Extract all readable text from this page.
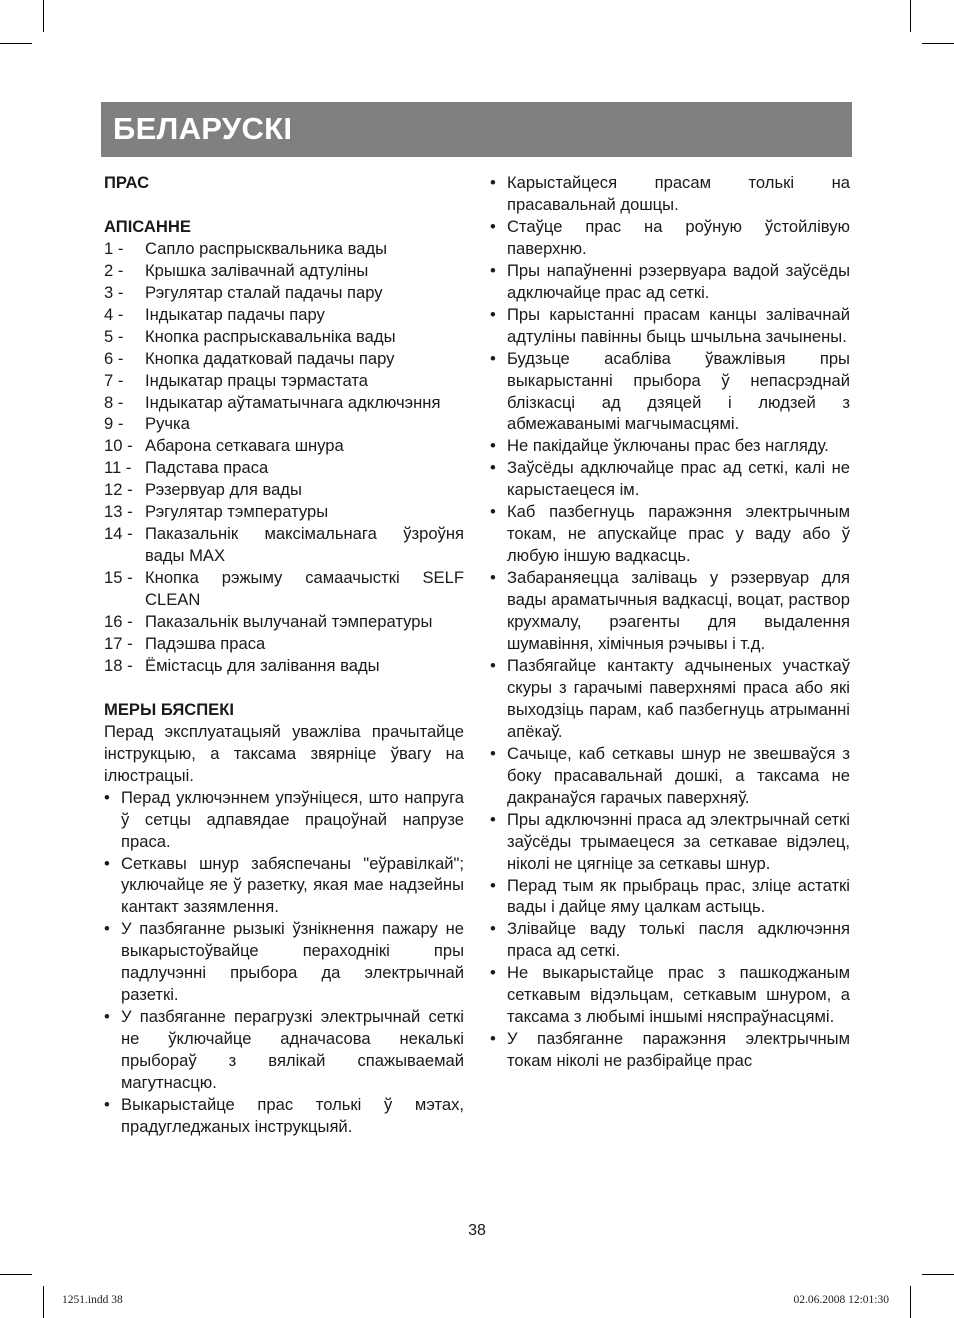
БЕЛАРУСКІ
ПРАС
АПІСАННЕ
1 -	Сапло распрысквальника вады
2 -	Крышка залівачнай адтуліны
3 -	Рэгулятар сталай падачы пару
4 -	Індыкатар падачы пару
5 -	Кнопка распрыскавальніка вады
6 -	Кнопка дадатковай падачы пару
7 -	Індыкатар працы тэрмастата
8 -	Індыкатар аўтаматычнага адключэння
9 -	Ручка
10 - Абарона сеткавага шнура
11 - Падстава праса
12 - Рэзервуар для вады
13 - Рэгулятар тэмпературы
14 - Паказальнік максімальнага ўзроўня вады MAX
15 - Кнопка рэжыму самаачысткі SELF CLEAN
16 - Паказальнік вылучанай тэмпературы
17 - Падэшва праса
18 - Ёмістасць для залівання вады
МЕРЫ БЯСПЕКІ
Перад эксплуатацыяй уважліва прачытайце інструкцыю, а таксама звярніце ўвагу на ілюстрацыі.
• Перад уключэннем упэўніцеся, што напруга ў сетцы адпавядае працоўнай напрузе праса.
• Сеткавы шнур забяспечаны "еўравілкай"; уключайце яе ў разетку, якая мае надзейны кантакт зазямлення.
• У пазбяганне рызыкі ўзнікнення пажару не выкарыстоўвайце пераходнікі пры падлучэнні прыбора да электрычнай разеткі.
• У пазбяганне перагрузкі электрычнай сеткі не ўключайце адначасова некалькі прыбораў з вялікай спажываемай магутнасцю.
• Выкарыстайце прас толькі ў мэтах, прадугледжаных інструкцыяй.
• Карыстайцеся прасам толькі на прасавальнай дошцы.
• Стаўце прас на роўную ўстойлівую паверхню.
• Пры напаўненні рэзервуара вадой заўсёды адключайце прас ад сеткі.
• Пры карыстанні прасам канцы залівачнай адтуліны павінны быць шчыльна зачынены.
• Будзьце асабліва ўважлівыя пры выкарыстанні прыбора ў непасрэднай блізкасці ад дзяцей і людзей з абмежаванымі магчымасцямі.
• Не пакідайце ўключаны прас без нагляду.
• Заўсёды адключайце прас ад сеткі, калі не карыстаецеся ім.
• Каб пазбегнуць паражэння электрычным токам, не апускайце прас у ваду або ў любую іншую вадкасць.
• Забараняецца заліваць у рэзервуар для вады араматычныя вадкасці, воцат, раствор крухмалу, рэагенты для выдалення шумавіння, хімічныя рэчывы і т.д.
• Пазбягайце кантакту адчыненых участкаў скуры з гарачымі паверхнямі праса або які выходзіць парам, каб пазбегнуць атрыманні апёкаў.
• Сачыце, каб сеткавы шнур не звешваўся з боку прасавальнай дошкі, а таксама не дакранаўся гарачых паверхняў.
• Пры адключэнні праса ад электрычнай сеткі заўсёды трымаецеся за сеткавае відэлец, ніколі не цягніце за сеткавы шнур.
• Перад тым як прыбраць прас, зліце астаткі вады і дайце яму цалкам астыць.
• Злівайце ваду толькі пасля адключэння праса ад сеткі.
• Не выкарыстайце прас з пашкоджаным сеткавым відэльцам, сеткавым шнуром, а таксама з любымі іншымі няспраўнасцямі.
• У пазбяганне паражэння электрычным токам ніколі не разбірайце прас
38
1251.indd 38	02.06.2008 12:01:30
